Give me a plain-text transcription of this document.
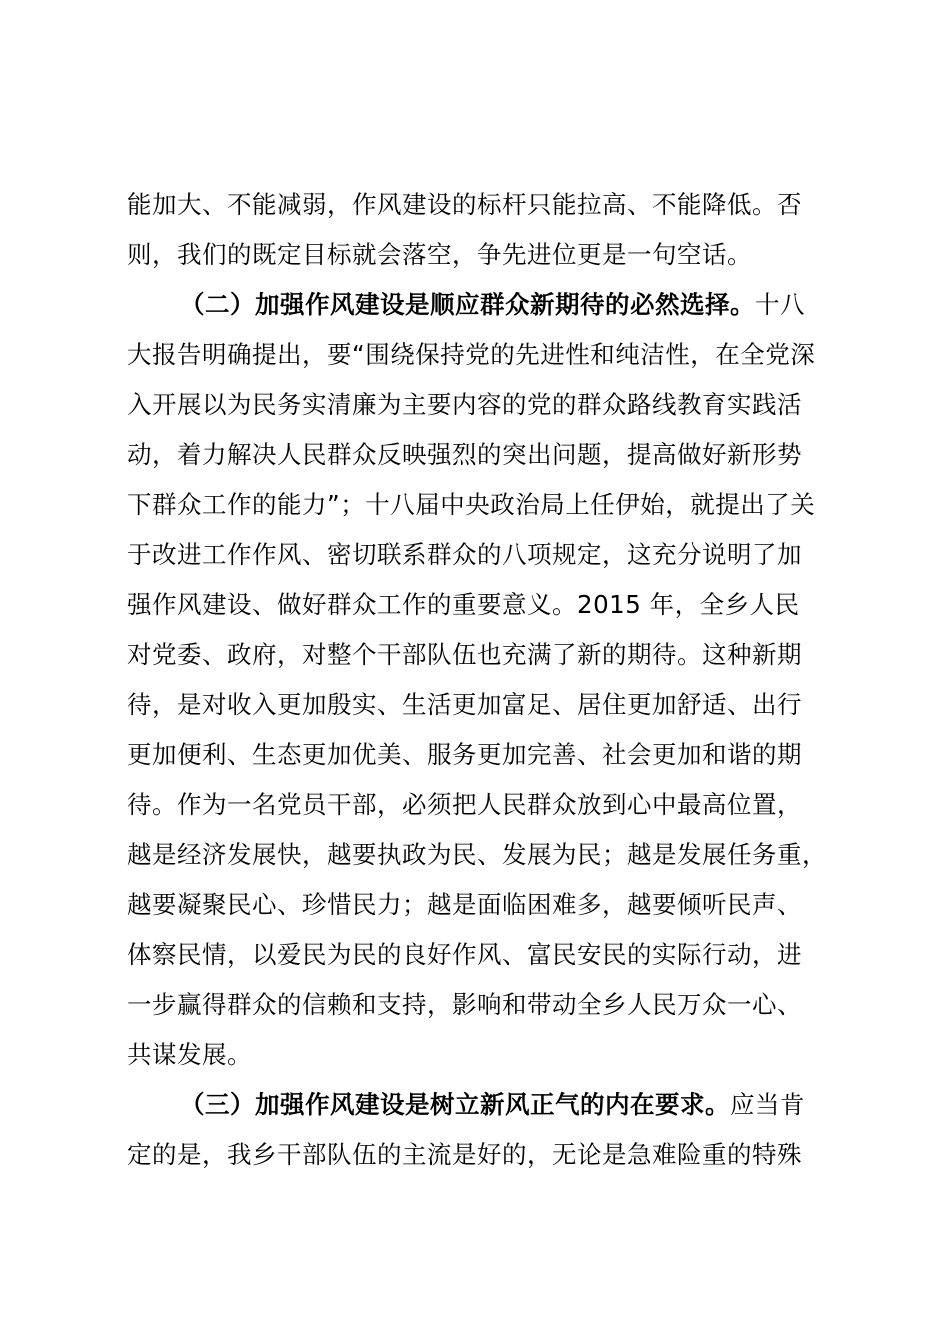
能加大、不能减弱，作风建设的标杆只能拉高、不能降低。否
则，我们的既定目标就会落空，争先进位更是一句空话。
（二）加强作风建设是顺应群众新期待的必然选择。十八
大报告明确提出，要“围绕保持党的先进性和纯洁性，在全党深
入开展以为民务实清廉为主要内容的党的群众路线教育实践活
动，着力解决人民群众反映强烈的突出问题，提高做好新形势
下群众工作的能力”；十八届中央政治局上任伊始，就提出了关
于改进工作作风、密切联系群众的八项规定，这充分说明了加
强作风建设、做好群众工作的重要意义。2015 年，全乡人民
对党委、政府，对整个干部队伍也充满了新的期待。这种新期
待，是对收入更加殷实、生活更加富足、居住更加舒适、出行
更加便利、生态更加优美、服务更加完善、社会更加和谐的期
待。作为一名党员干部，必须把人民群众放到心中最高位置，
越是经济发展快，越要执政为民、发展为民；越是发展任务重，
越要凝聚民心、珍惜民力；越是面临困难多，越要倾听民声、
体察民情，以爱民为民的良好作风、富民安民的实际行动，进
一步赢得群众的信赖和支持，影响和带动全乡人民万众一心、
共谋发展。
（三）加强作风建设是树立新风正气的内在要求。应当肯
定的是，我乡干部队伍的主流是好的，无论是急难险重的特殊
